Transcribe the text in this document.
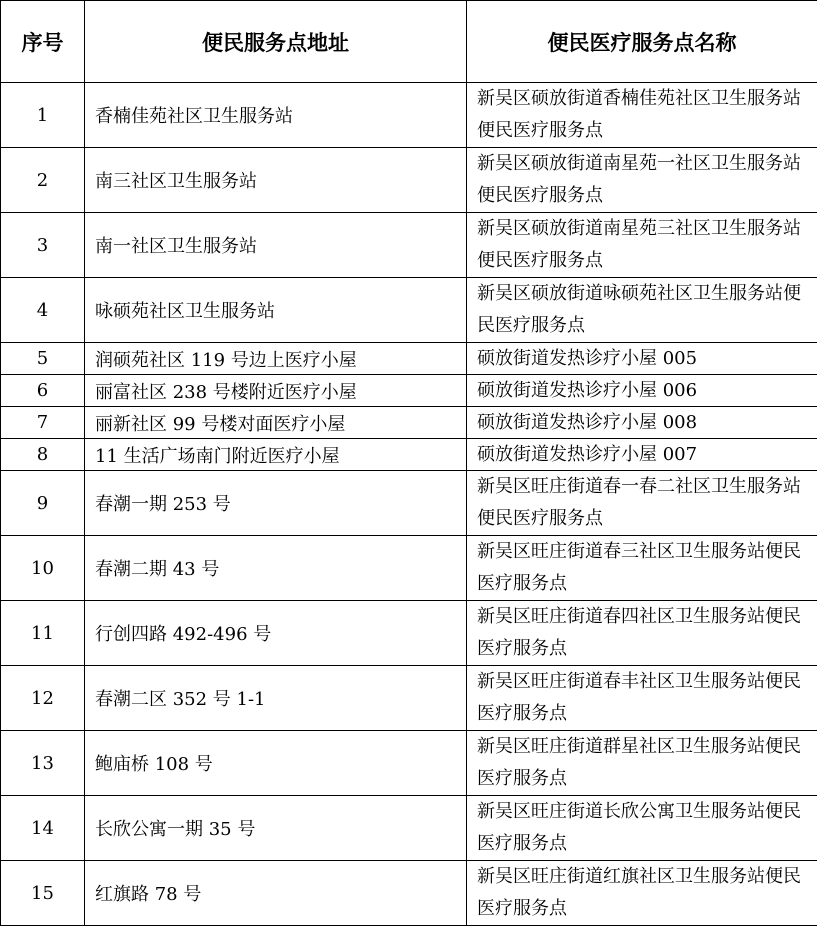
序号	便民服务点地址	便民医疗服务点名称
1	香楠佳苑社区卫生服务站	新吴区硕放街道香楠佳苑社区卫生服务站便民医疗服务点
2	南三社区卫生服务站	新吴区硕放街道南星苑一社区卫生服务站便民医疗服务点
3	南一社区卫生服务站	新吴区硕放街道南星苑三社区卫生服务站便民医疗服务点
4	咏硕苑社区卫生服务站	新吴区硕放街道咏硕苑社区卫生服务站便民医疗服务点
5	润硕苑社区 119 号边上医疗小屋	硕放街道发热诊疗小屋 005
6	丽富社区 238 号楼附近医疗小屋	硕放街道发热诊疗小屋 006
7	丽新社区 99 号楼对面医疗小屋	硕放街道发热诊疗小屋 008
8	11 生活广场南门附近医疗小屋	硕放街道发热诊疗小屋 007
9	春潮一期 253 号	新吴区旺庄街道春一春二社区卫生服务站便民医疗服务点
10	春潮二期 43 号	新吴区旺庄街道春三社区卫生服务站便民医疗服务点
11	行创四路 492-496 号	新吴区旺庄街道春四社区卫生服务站便民医疗服务点
12	春潮二区 352 号 1-1	新吴区旺庄街道春丰社区卫生服务站便民医疗服务点
13	鲍庙桥 108 号	新吴区旺庄街道群星社区卫生服务站便民医疗服务点
14	长欣公寓一期 35 号	新吴区旺庄街道长欣公寓卫生服务站便民医疗服务点
15	红旗路 78 号	新吴区旺庄街道红旗社区卫生服务站便民医疗服务点
